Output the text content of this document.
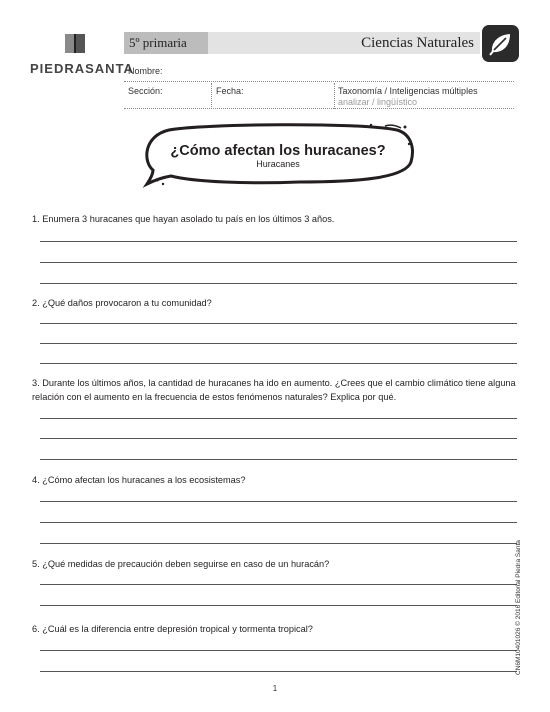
PIEDRASANTA
5º primaria	Ciencias Naturales
Nombre:
Sección:	Fecha:	Taxonomía / Inteligencias múltiples
analizar / lingüístico
¿Cómo afectan los huracanes?
Huracanes
1. Enumera 3 huracanes que hayan asolado tu país en los últimos 3 años.
2. ¿Qué daños provocaron a tu comunidad?
3. Durante los últimos años, la cantidad de huracanes ha ido en aumento. ¿Crees que el cambio climático tiene alguna relación con el aumento en la frecuencia de estos fenómenos naturales? Explica por qué.
4. ¿Cómo afectan los huracanes a los ecosistemas?
5. ¿Qué medidas de precaución deben seguirse en caso de un huracán?
6. ¿Cuál es la diferencia entre depresión tropical y tormenta tropical?	CN6M10401026 © 2016 Editorial Piedra Santa
1
